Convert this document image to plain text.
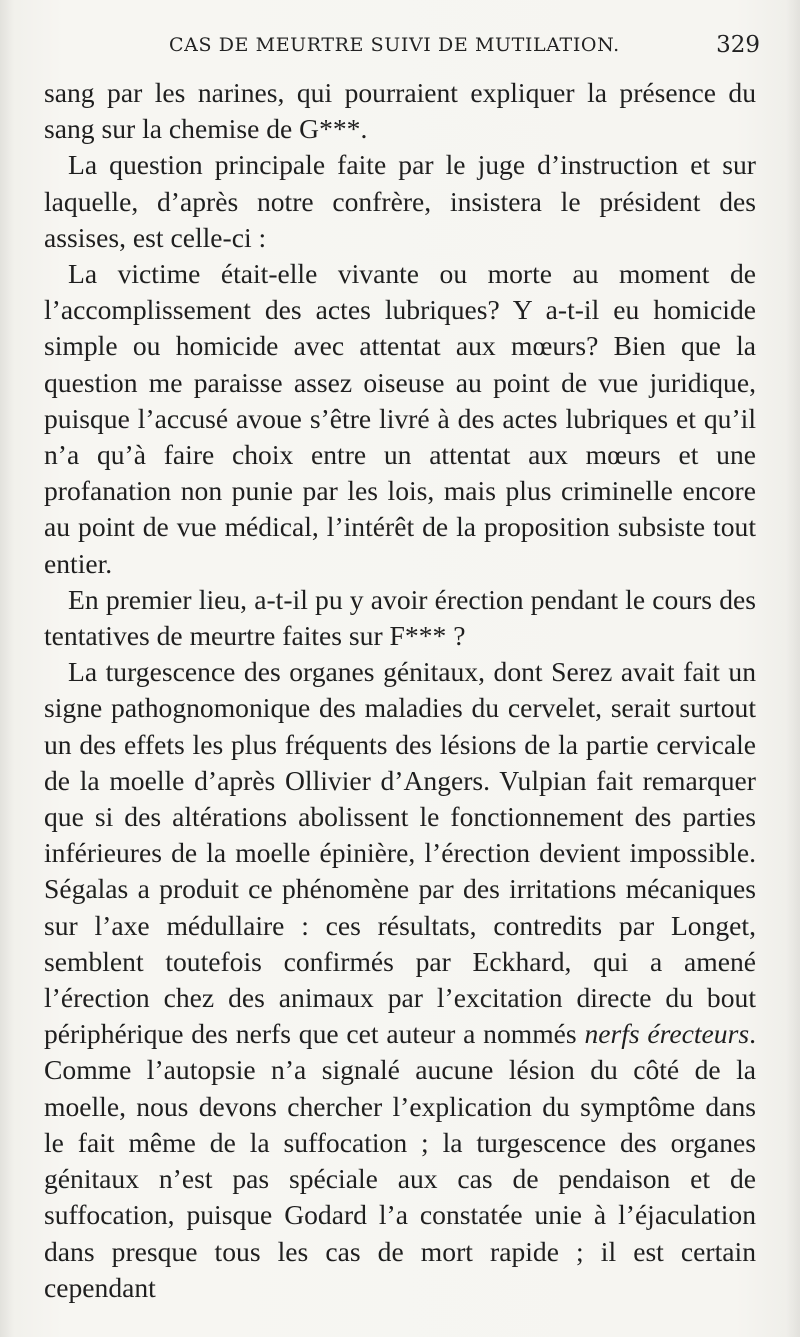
CAS DE MEURTRE SUIVI DE MUTILATION.	329

sang par les narines, qui pourraient expliquer la présence du sang sur la chemise de G***.

La question principale faite par le juge d’instruction et sur laquelle, d’après notre confrère, insistera le président des assises, est celle-ci :

La victime était-elle vivante ou morte au moment de l’accomplissement des actes lubriques? Y a-t-il eu homicide simple ou homicide avec attentat aux mœurs? Bien que la question me paraisse assez oiseuse au point de vue juridique, puisque l’accusé avoue s’être livré à des actes lubriques et qu’il n’a qu’à faire choix entre un attentat aux mœurs et une profanation non punie par les lois, mais plus criminelle encore au point de vue médical, l’intérêt de la proposition subsiste tout entier.

En premier lieu, a-t-il pu y avoir érection pendant le cours des tentatives de meurtre faites sur F*** ?

La turgescence des organes génitaux, dont Serez avait fait un signe pathognomonique des maladies du cervelet, serait surtout un des effets les plus fréquents des lésions de la partie cervicale de la moelle d’après Ollivier d’Angers. Vulpian fait remarquer que si des altérations abolissent le fonctionnement des parties inférieures de la moelle épinière, l’érection devient impossible. Ségalas a produit ce phénomène par des irritations mécaniques sur l’axe médullaire : ces résultats, contredits par Longet, semblent toutefois confirmés par Eckhard, qui a amené l’érection chez des animaux par l’excitation directe du bout périphérique des nerfs que cet auteur a nommés nerfs érecteurs. Comme l’autopsie n’a signalé aucune lésion du côté de la moelle, nous devons chercher l’explication du symptôme dans le fait même de la suffocation ; la turgescence des organes génitaux n’est pas spéciale aux cas de pendaison et de suffocation, puisque Godard l’a constatée unie à l’éjaculation dans presque tous les cas de mort rapide ; il est certain cependant
